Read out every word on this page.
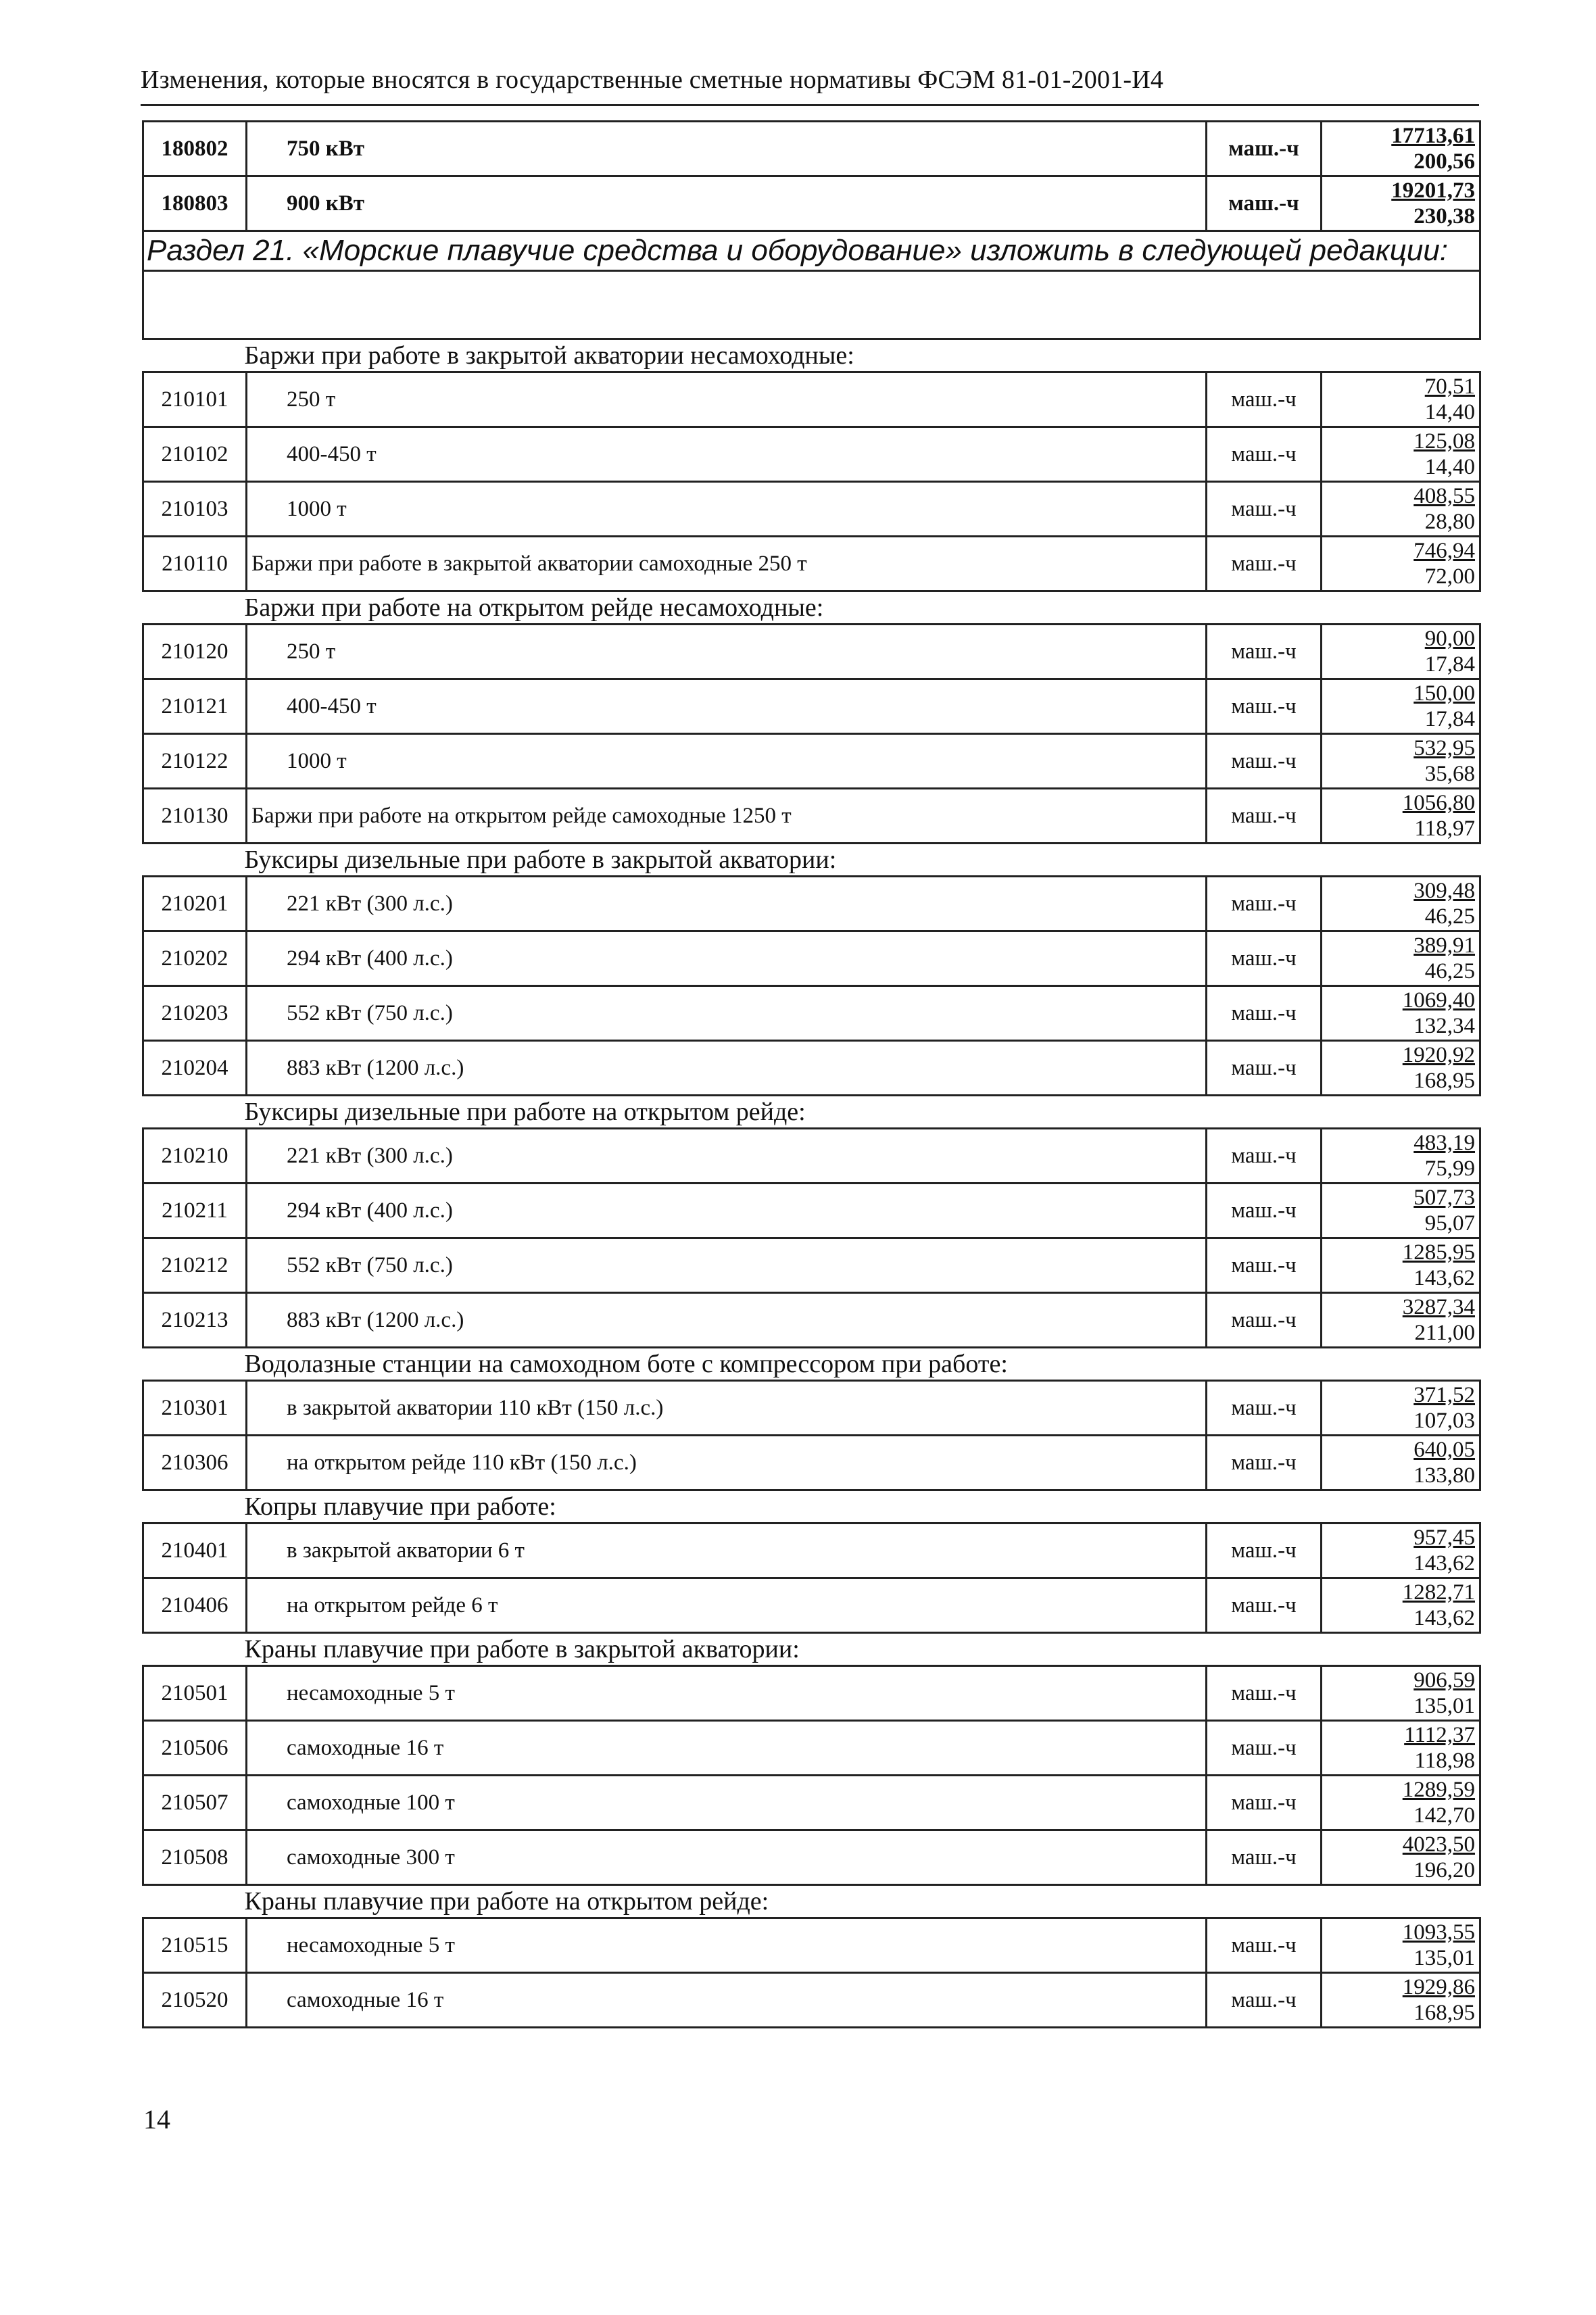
Изменения, которые вносятся в государственные сметные нормативы ФСЭМ 81-01-2001-И4
180802	750 кВт	маш.-ч	17713,61
200,56

180803	900 кВт	маш.-ч	19201,73
230,38

Раздел 21. «Морские плавучие средства и оборудование» изложить в следующей редакции:			

Баржи при работе в закрытой акватории несамоходные:			
210101	250 т	маш.-ч	70,51
14,40

210102	400-450 т	маш.-ч	125,08
14,40

210103	1000 т	маш.-ч	408,55
28,80

210110	Баржи при работе в закрытой акватории самоходные 250 т	маш.-ч	746,94
72,00

Баржи при работе на открытом рейде несамоходные:			
210120	250 т	маш.-ч	90,00
17,84

210121	400-450 т	маш.-ч	150,00
17,84

210122	1000 т	маш.-ч	532,95
35,68

210130	Баржи при работе на открытом рейде самоходные 1250 т	маш.-ч	1056,80
118,97

Буксиры дизельные при работе в закрытой акватории:			
210201	221 кВт (300 л.с.)	маш.-ч	309,48
46,25

210202	294 кВт (400 л.с.)	маш.-ч	389,91
46,25

210203	552 кВт (750 л.с.)	маш.-ч	1069,40
132,34

210204	883 кВт (1200 л.с.)	маш.-ч	1920,92
168,95

Буксиры дизельные при работе на открытом рейде:			
210210	221 кВт (300 л.с.)	маш.-ч	483,19
75,99

210211	294 кВт (400 л.с.)	маш.-ч	507,73
95,07

210212	552 кВт (750 л.с.)	маш.-ч	1285,95
143,62

210213	883 кВт (1200 л.с.)	маш.-ч	3287,34
211,00

Водолазные станции на самоходном боте с компрессором при работе:			
210301	в закрытой акватории 110 кВт (150 л.с.)	маш.-ч	371,52
107,03

210306	на открытом рейде 110 кВт (150 л.с.)	маш.-ч	640,05
133,80

Копры плавучие при работе:			
210401	в закрытой акватории 6 т	маш.-ч	957,45
143,62

210406	на открытом рейде 6 т	маш.-ч	1282,71
143,62

Краны плавучие при работе в закрытой акватории:			
210501	несамоходные 5 т	маш.-ч	906,59
135,01

210506	самоходные 16 т	маш.-ч	1112,37
118,98

210507	самоходные 100 т	маш.-ч	1289,59
142,70

210508	самоходные 300 т	маш.-ч	4023,50
196,20

Краны плавучие при работе на открытом рейде:			
210515	несамоходные 5 т	маш.-ч	1093,55
135,01

210520	самоходные 16 т	маш.-ч	1929,86
168,95
14
